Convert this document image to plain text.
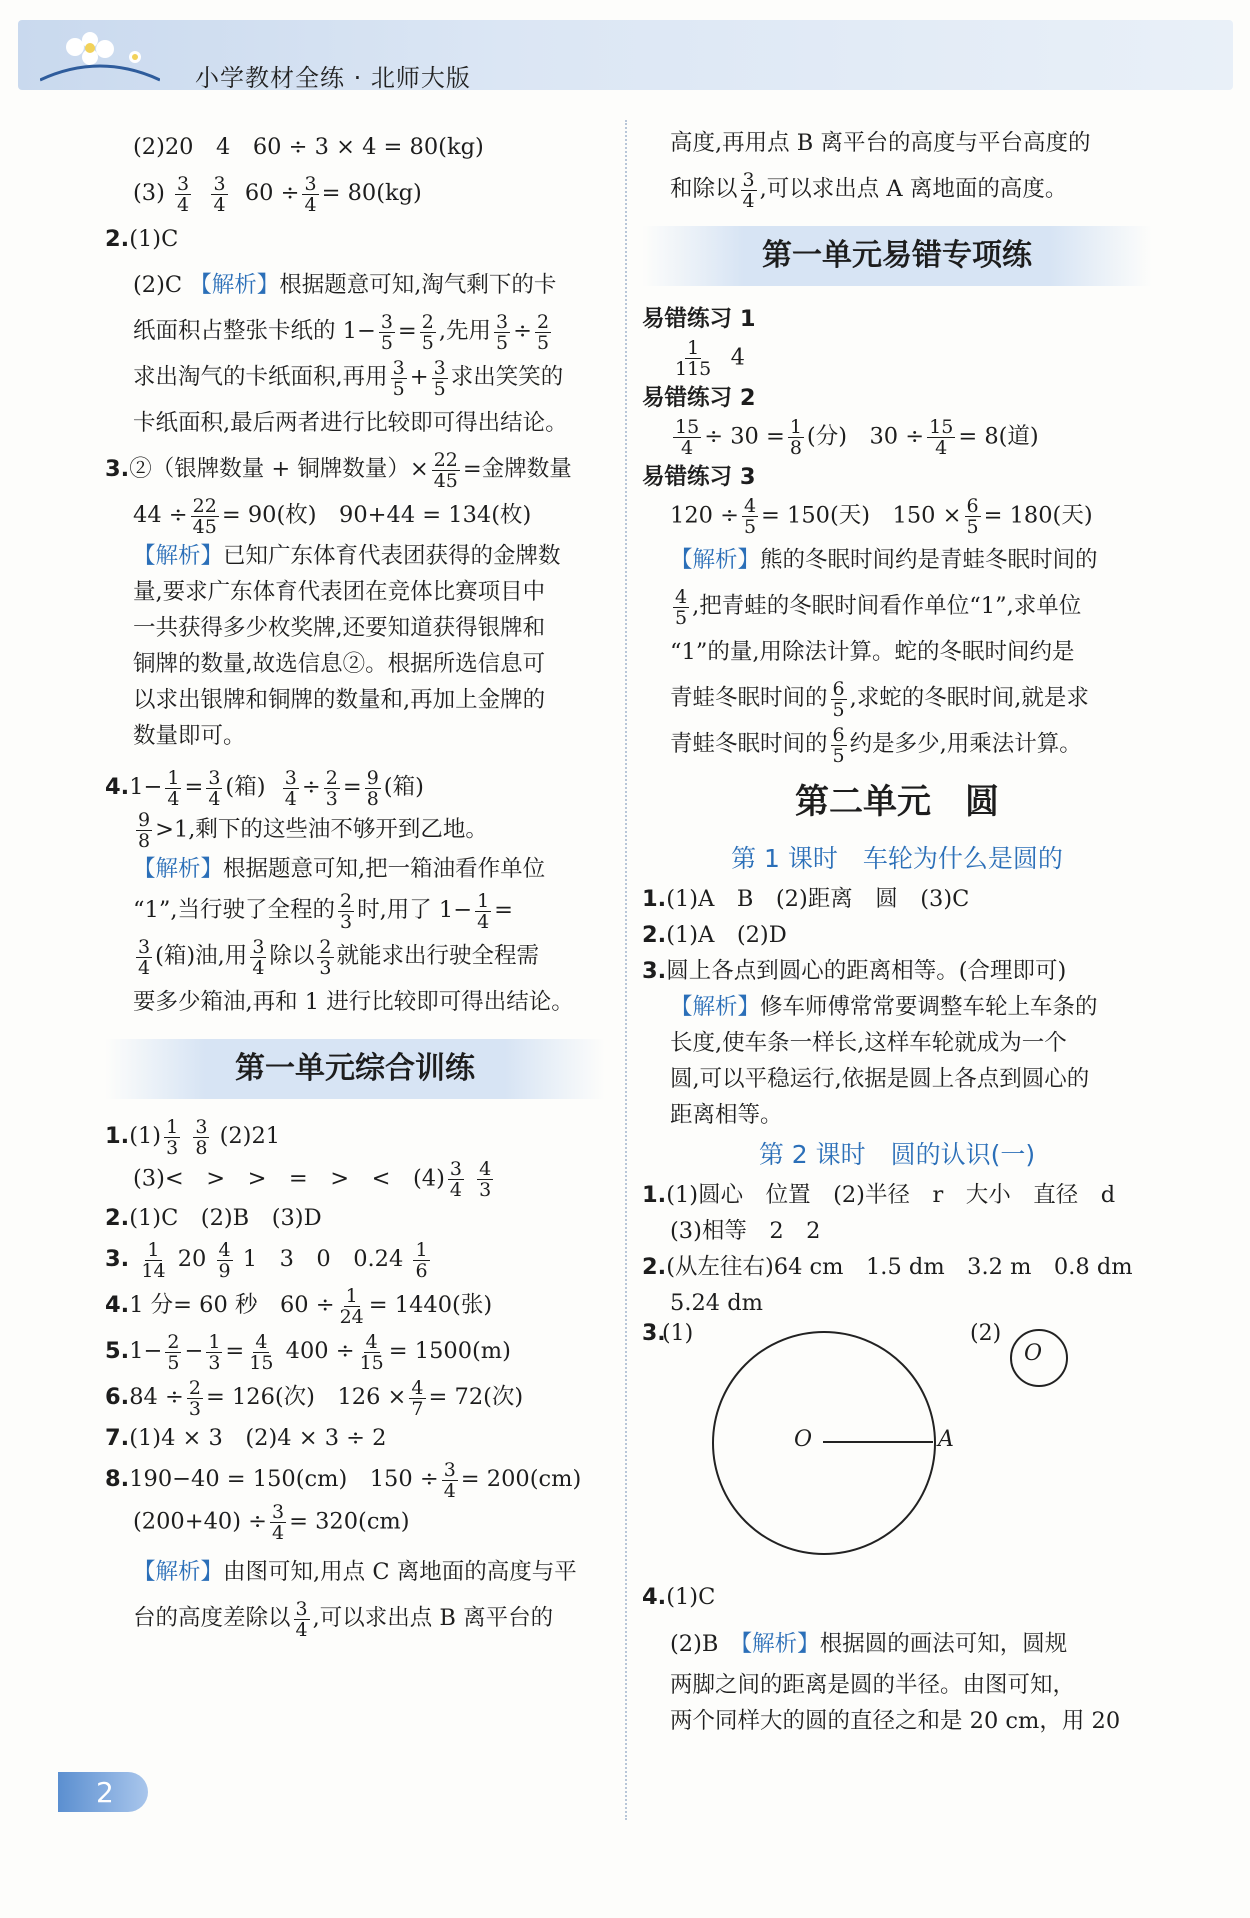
小学教材全练 · 北师大版

(2)20　4　60 ÷ 3 × 4 = 80(kg)

$(3) \frac{3}{4}$
$\frac{3}{4} 60 \div \frac{3}{4} = 80(kg)$

2.(1)C

(2)C 【解析】根据题意可知,淘气剩下的卡

纸面积占整张卡纸的 $1- \frac{3}{5} = \frac{2}{5}$ ,先用 $\frac{3}{5} \div \frac{2}{5}$

求出淘气的卡纸面积,再用 $\frac{3}{5} + \frac{3}{5}$ 求出笑笑的

卡纸面积,最后两者进行比较即可得出结论。

3.②（银牌数量 + 铜牌数量）× $\frac{22}{45}$ =金牌数量

$44 \div \frac{22}{45} = 90$(枚)　90+44 = 134(枚)

【解析】已知广东体育代表团获得的金牌数

量,要求广东体育代表团在竞体比赛项目中

一共获得多少枚奖牌,还要知道获得银牌和

铜牌的数量,故选信息②。根据所选信息可

以求出银牌和铜牌的数量和,再加上金牌的

数量即可。

$4.1- \frac{1}{4} = \frac{3}{4}$ (箱) $\frac{3}{4} \div \frac{2}{3} = \frac{9}{8}$ (箱)

$\frac{9}{8} >1$,剩下的这些油不够开到乙地。

【解析】根据题意可知,把一箱油看作单位

“1”,当行驶了全程的 $\frac{2}{3}$ 时,用了 $1- \frac{1}{4}$ =

$\frac{3}{4}$ (箱)油,用 $\frac{3}{4}$ 除以 $\frac{2}{3}$ 就能求出行驶全程需

要多少箱油,再和 1 进行比较即可得出结论。

第一单元综合训练

$1.(1) \frac{1}{3}$
$\frac{3}{8} (2)21$

(3)<　>　>　=　>　<　$(4) \frac{3}{4}$
$\frac{4}{3}$

2.(1)C　(2)B　(3)D

3. $\frac{1}{14} 20 \frac{4}{9} 1$　3　0　$0.24 \frac{1}{6}$

4.1 分= 60 秒　$60 \div \frac{1}{24} = 1440$(张)

$5.1- \frac{2}{5} - \frac{1}{3} = \frac{4}{15} 400 \div \frac{4}{15} = 1500(m)$

$6.84 \div \frac{2}{3} = 126$(次)　$126 \times \frac{4}{7} = 72$(次)

7.(1)4 × 3　(2)4 × 3 ÷ 2

8.190−40 = 150(cm)　$150 \div \frac{3}{4} = 200(cm)$

$(200+40) \div \frac{3}{4} = 320(cm)$

【解析】由图可知,用点 C 离地面的高度与平

台的高度差除以 $\frac{3}{4}$ ,可以求出点 B 离平台的

高度,再用点 B 离平台的高度与平台高度的

和除以 $\frac{3}{4}$ ,可以求出点 A 离地面的高度。

第一单元易错专项练

易错练习 1

$\frac{1}{115} 4$

易错练习 2

$\frac{15}{4} \div 30 = \frac{1}{8}$ (分)　$30 \div \frac{15}{4} = 8$(道)

易错练习 3

$120 \div \frac{4}{5} = 150$(天)　$150 \times \frac{6}{5} = 180$(天)

【解析】熊的冬眠时间约是青蛙冬眠时间的

$\frac{4}{5}$ ,把青蛙的冬眠时间看作单位“1”,求单位

“1”的量,用除法计算。蛇的冬眠时间约是

青蛙冬眠时间的 $\frac{6}{5}$ ,求蛇的冬眠时间,就是求

青蛙冬眠时间的 $\frac{6}{5}$ 约是多少,用乘法计算。

第二单元　圆
第 1 课时　车轮为什么是圆的

1.(1)A　B　(2)距离　圆　(3)C

2.(1)A　(2)D

3.圆上各点到圆心的距离相等。(合理即可)

【解析】修车师傅常常要调整车轮上车条的

长度,使车条一样长,这样车轮就成为一个

圆,可以平稳运行,依据是圆上各点到圆心的

距离相等。

第 2 课时　圆的认识(一)

1.(1)圆心　位置　(2)半径　r　大小　直径　d

(3)相等　2　2

2.(从左往右)64 cm　1.5 dm　3.2 m　0.8 dm

5.24 dm

3.
(1)
O	A
(2)
O

4.(1)C

(2)B　 【解析】根据圆的画法可知，圆规

两脚之间的距离是圆的半径。由图可知，

两个同样大的圆的直径之和是 20 cm，用 20

2
